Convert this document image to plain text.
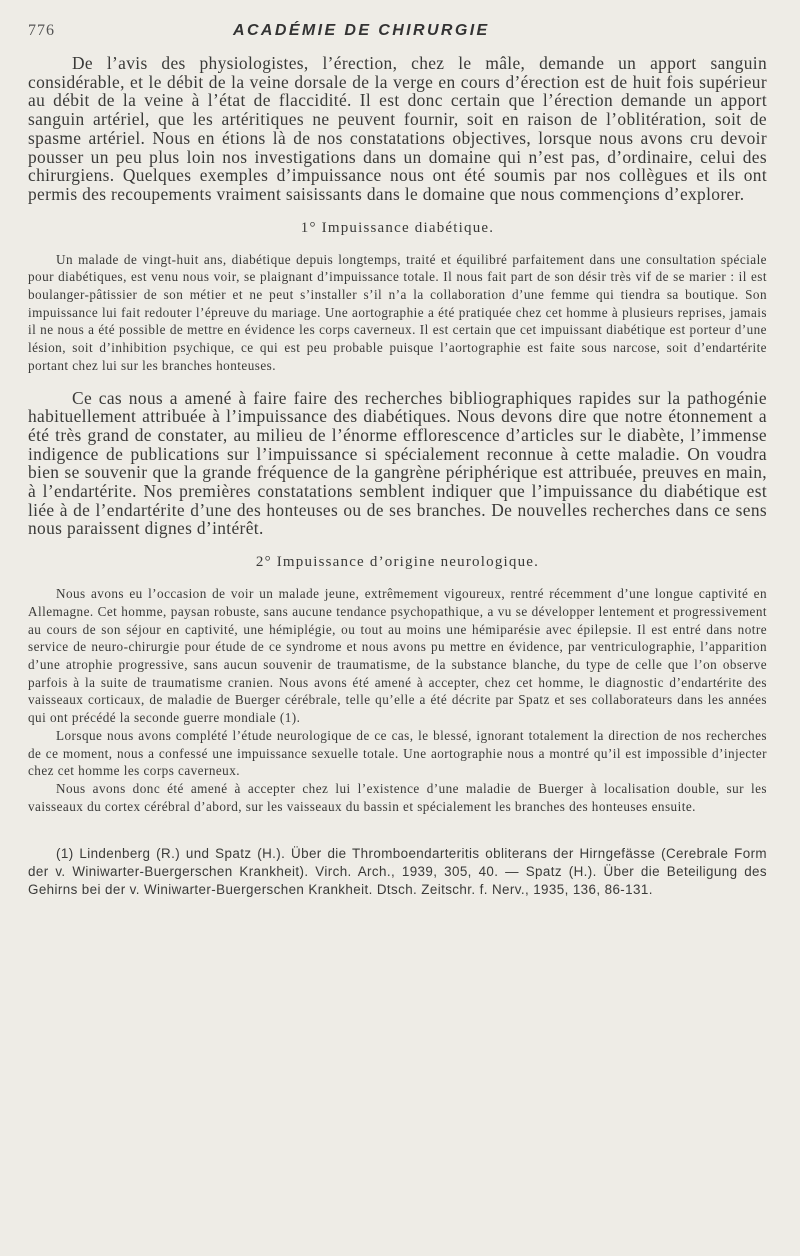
776	ACADÉMIE DE CHIRURGIE

De l’avis des physiologistes, l’érection, chez le mâle, demande un apport sanguin considérable, et le débit de la veine dorsale de la verge en cours d’érection est de huit fois supérieur au débit de la veine à l’état de flaccidité. Il est donc certain que l’érection demande un apport sanguin artériel, que les artéritiques ne peuvent fournir, soit en raison de l’oblitération, soit de spasme artériel. Nous en étions là de nos constatations objectives, lorsque nous avons cru devoir pousser un peu plus loin nos investigations dans un domaine qui n’est pas, d’ordinaire, celui des chirurgiens. Quelques exemples d’impuissance nous ont été soumis par nos collègues et ils ont permis des recoupements vraiment saisissants dans le domaine que nous commençions d’explorer.

1° Impuissance diabétique.

Un malade de vingt-huit ans, diabétique depuis longtemps, traité et équilibré parfaitement dans une consultation spéciale pour diabétiques, est venu nous voir, se plaignant d’impuissance totale. Il nous fait part de son désir très vif de se marier : il est boulanger-pâtissier de son métier et ne peut s’installer s’il n’a la collaboration d’une femme qui tiendra sa boutique. Son impuissance lui fait redouter l’épreuve du mariage. Une aortographie a été pratiquée chez cet homme à plusieurs reprises, jamais il ne nous a été possible de mettre en évidence les corps caverneux. Il est certain que cet impuissant diabétique est porteur d’une lésion, soit d’inhibition psychique, ce qui est peu probable puisque l’aortographie est faite sous narcose, soit d’endartérite portant chez lui sur les branches honteuses.

Ce cas nous a amené à faire faire des recherches bibliographiques rapides sur la pathogénie habituellement attribuée à l’impuissance des diabétiques. Nous devons dire que notre étonnement a été très grand de constater, au milieu de l’énorme efflorescence d’articles sur le diabète, l’immense indigence de publications sur l’impuissance si spécialement reconnue à cette maladie. On voudra bien se souvenir que la grande fréquence de la gangrène périphérique est attribuée, preuves en main, à l’endartérite. Nos premières constatations semblent indiquer que l’impuissance du diabétique est liée à de l’endartérite d’une des honteuses ou de ses branches. De nouvelles recherches dans ce sens nous paraissent dignes d’intérêt.

2° Impuissance d’origine neurologique.

Nous avons eu l’occasion de voir un malade jeune, extrêmement vigoureux, rentré récemment d’une longue captivité en Allemagne. Cet homme, paysan robuste, sans aucune tendance psychopathique, a vu se développer lentement et progressivement au cours de son séjour en captivité, une hémiplégie, ou tout au moins une hémiparésie avec épilepsie. Il est entré dans notre service de neuro-chirurgie pour étude de ce syndrome et nous avons pu mettre en évidence, par ventriculographie, l’apparition d’une atrophie progressive, sans aucun souvenir de traumatisme, de la substance blanche, du type de celle que l’on observe parfois à la suite de traumatisme cranien. Nous avons été amené à accepter, chez cet homme, le diagnostic d’endartérite des vaisseaux corticaux, de maladie de Buerger cérébrale, telle qu’elle a été décrite par Spatz et ses collaborateurs dans les années qui ont précédé la seconde guerre mondiale (1).

Lorsque nous avons complété l’étude neurologique de ce cas, le blessé, ignorant totalement la direction de nos recherches de ce moment, nous a confessé une impuissance sexuelle totale. Une aortographie nous a montré qu’il est impossible d’injecter chez cet homme les corps caverneux.

Nous avons donc été amené à accepter chez lui l’existence d’une maladie de Buerger à localisation double, sur les vaisseaux du cortex cérébral d’abord, sur les vaisseaux du bassin et spécialement les branches des honteuses ensuite.

(1) Lindenberg (R.) und Spatz (H.). Über die Thromboendarteritis obliterans der Hirngefässe (Cerebrale Form der v. Winiwarter-Buergerschen Krankheit). Virch. Arch., 1939, 305, 40. — Spatz (H.). Über die Beteiligung des Gehirns bei der v. Winiwarter-Buergerschen Krankheit. Dtsch. Zeitschr. f. Nerv., 1935, 136, 86-131.
